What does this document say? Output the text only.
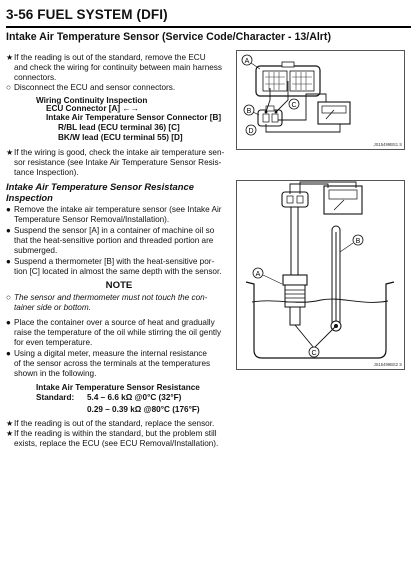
3-56 FUEL SYSTEM (DFI)
Intake Air Temperature Sensor (Service Code/Character - 13/Alrt)
★ If the reading is out of the standard, remove the ECU
and check the wiring for continuity between main harness
connectors.
○ Disconnect the ECU and sensor connectors.
Wiring Continuity Inspection
ECU Connector [A] ←→
Intake Air Temperature Sensor Connector [B]
R/BL lead (ECU terminal 36) [C]
BK/W lead (ECU terminal 55) [D]
★ If the wiring is good, check the intake air temperature sen-
sor resistance (see Intake Air Temperature Sensor Resis-
tance Inspection).
Intake Air Temperature Sensor Resistance
Inspection
● Remove the intake air temperature sensor (see Intake Air
Temperature Sensor Removal/Installation).
● Suspend the sensor [A] in a container of machine oil so
that the heat-sensitive portion and threaded portion are
submerged.
● Suspend a thermometer [B] with the heat-sensitive por-
tion [C] located in almost the same depth with the sensor.
NOTE
○ The sensor and thermometer must not touch the con-
tainer side or bottom.
● Place the container over a source of heat and gradually
raise the temperature of the oil while stirring the oil gently
for even temperature.
● Using a digital meter, measure the internal resistance
of the sensor across the terminals at the temperatures
shown in the following.
Intake Air Temperature Sensor Resistance
Standard:	5.4 – 6.6 kΩ @0°C (32°F)
0.29 – 0.39 kΩ @80°C (176°F)
★ If the reading is out of the standard, replace the sensor.
★ If the reading is within the standard, but the problem still
exists, replace the ECU (see ECU Removal/Installation).
A
B
C
D
JS15499BS1 S
A
B
C
JS15499BS2 S
